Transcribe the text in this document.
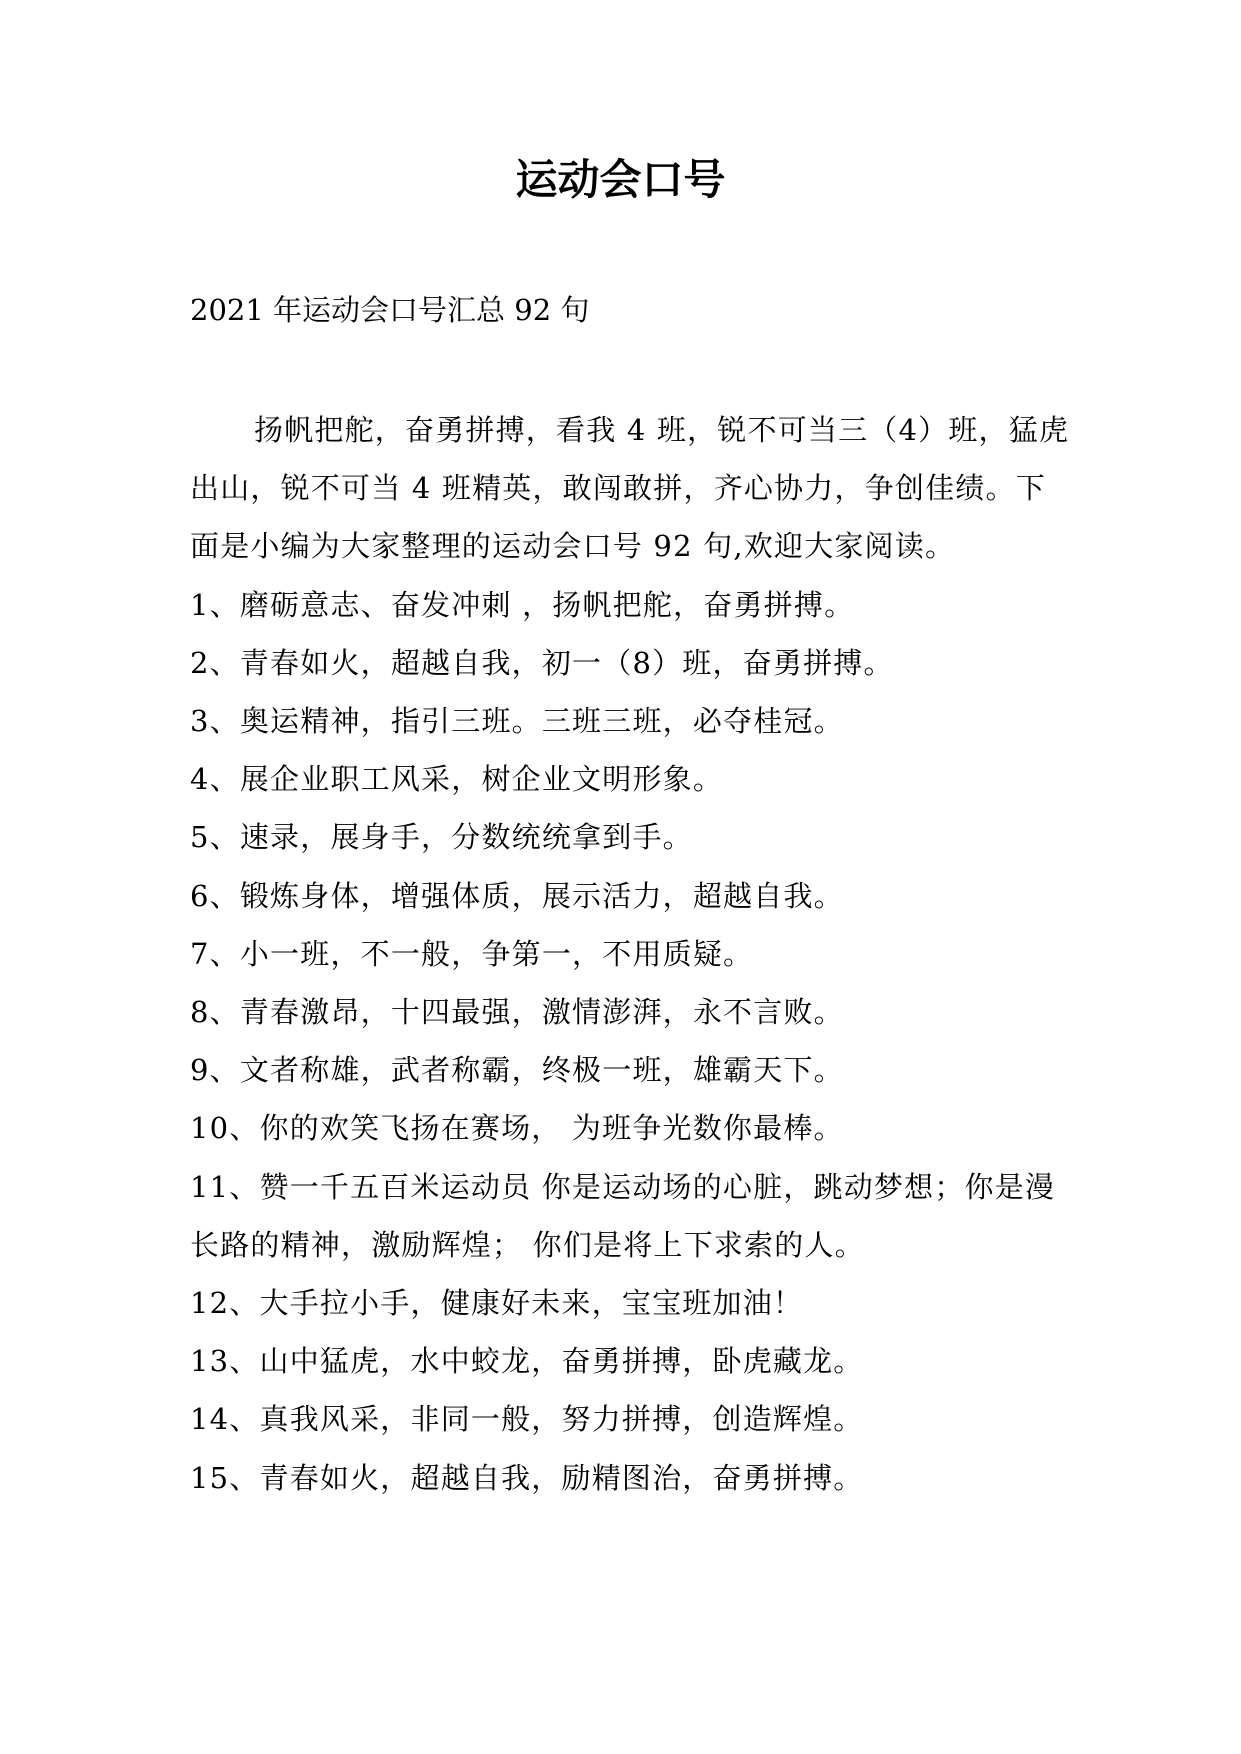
运动会口号

2021 年运动会口号汇总 92 句

扬帆把舵，奋勇拼搏，看我 4 班，锐不可当三（4）班，猛虎出山，锐不可当 4 班精英，敢闯敢拼，齐心协力，争创佳绩。下面是小编为大家整理的运动会口号 92 句,欢迎大家阅读。

1、磨砺意志、奋发冲刺 ，扬帆把舵，奋勇拼搏。
2、青春如火，超越自我，初一（8）班，奋勇拼搏。
3、奥运精神，指引三班。三班三班，必夺桂冠。
4、展企业职工风采，树企业文明形象。
5、速录，展身手，分数统统拿到手。
6、锻炼身体，增强体质，展示活力，超越自我。
7、小一班，不一般，争第一，不用质疑。
8、青春激昂，十四最强，激情澎湃，永不言败。
9、文者称雄，武者称霸，终极一班，雄霸天下。
10、你的欢笑飞扬在赛场， 为班争光数你最棒。
11、赞一千五百米运动员 你是运动场的心脏，跳动梦想；你是漫长路的精神，激励辉煌； 你们是将上下求索的人。
12、大手拉小手，健康好未来，宝宝班加油！
13、山中猛虎，水中蛟龙，奋勇拼搏，卧虎藏龙。
14、真我风采，非同一般，努力拼搏，创造辉煌。
15、青春如火，超越自我，励精图治，奋勇拼搏。
